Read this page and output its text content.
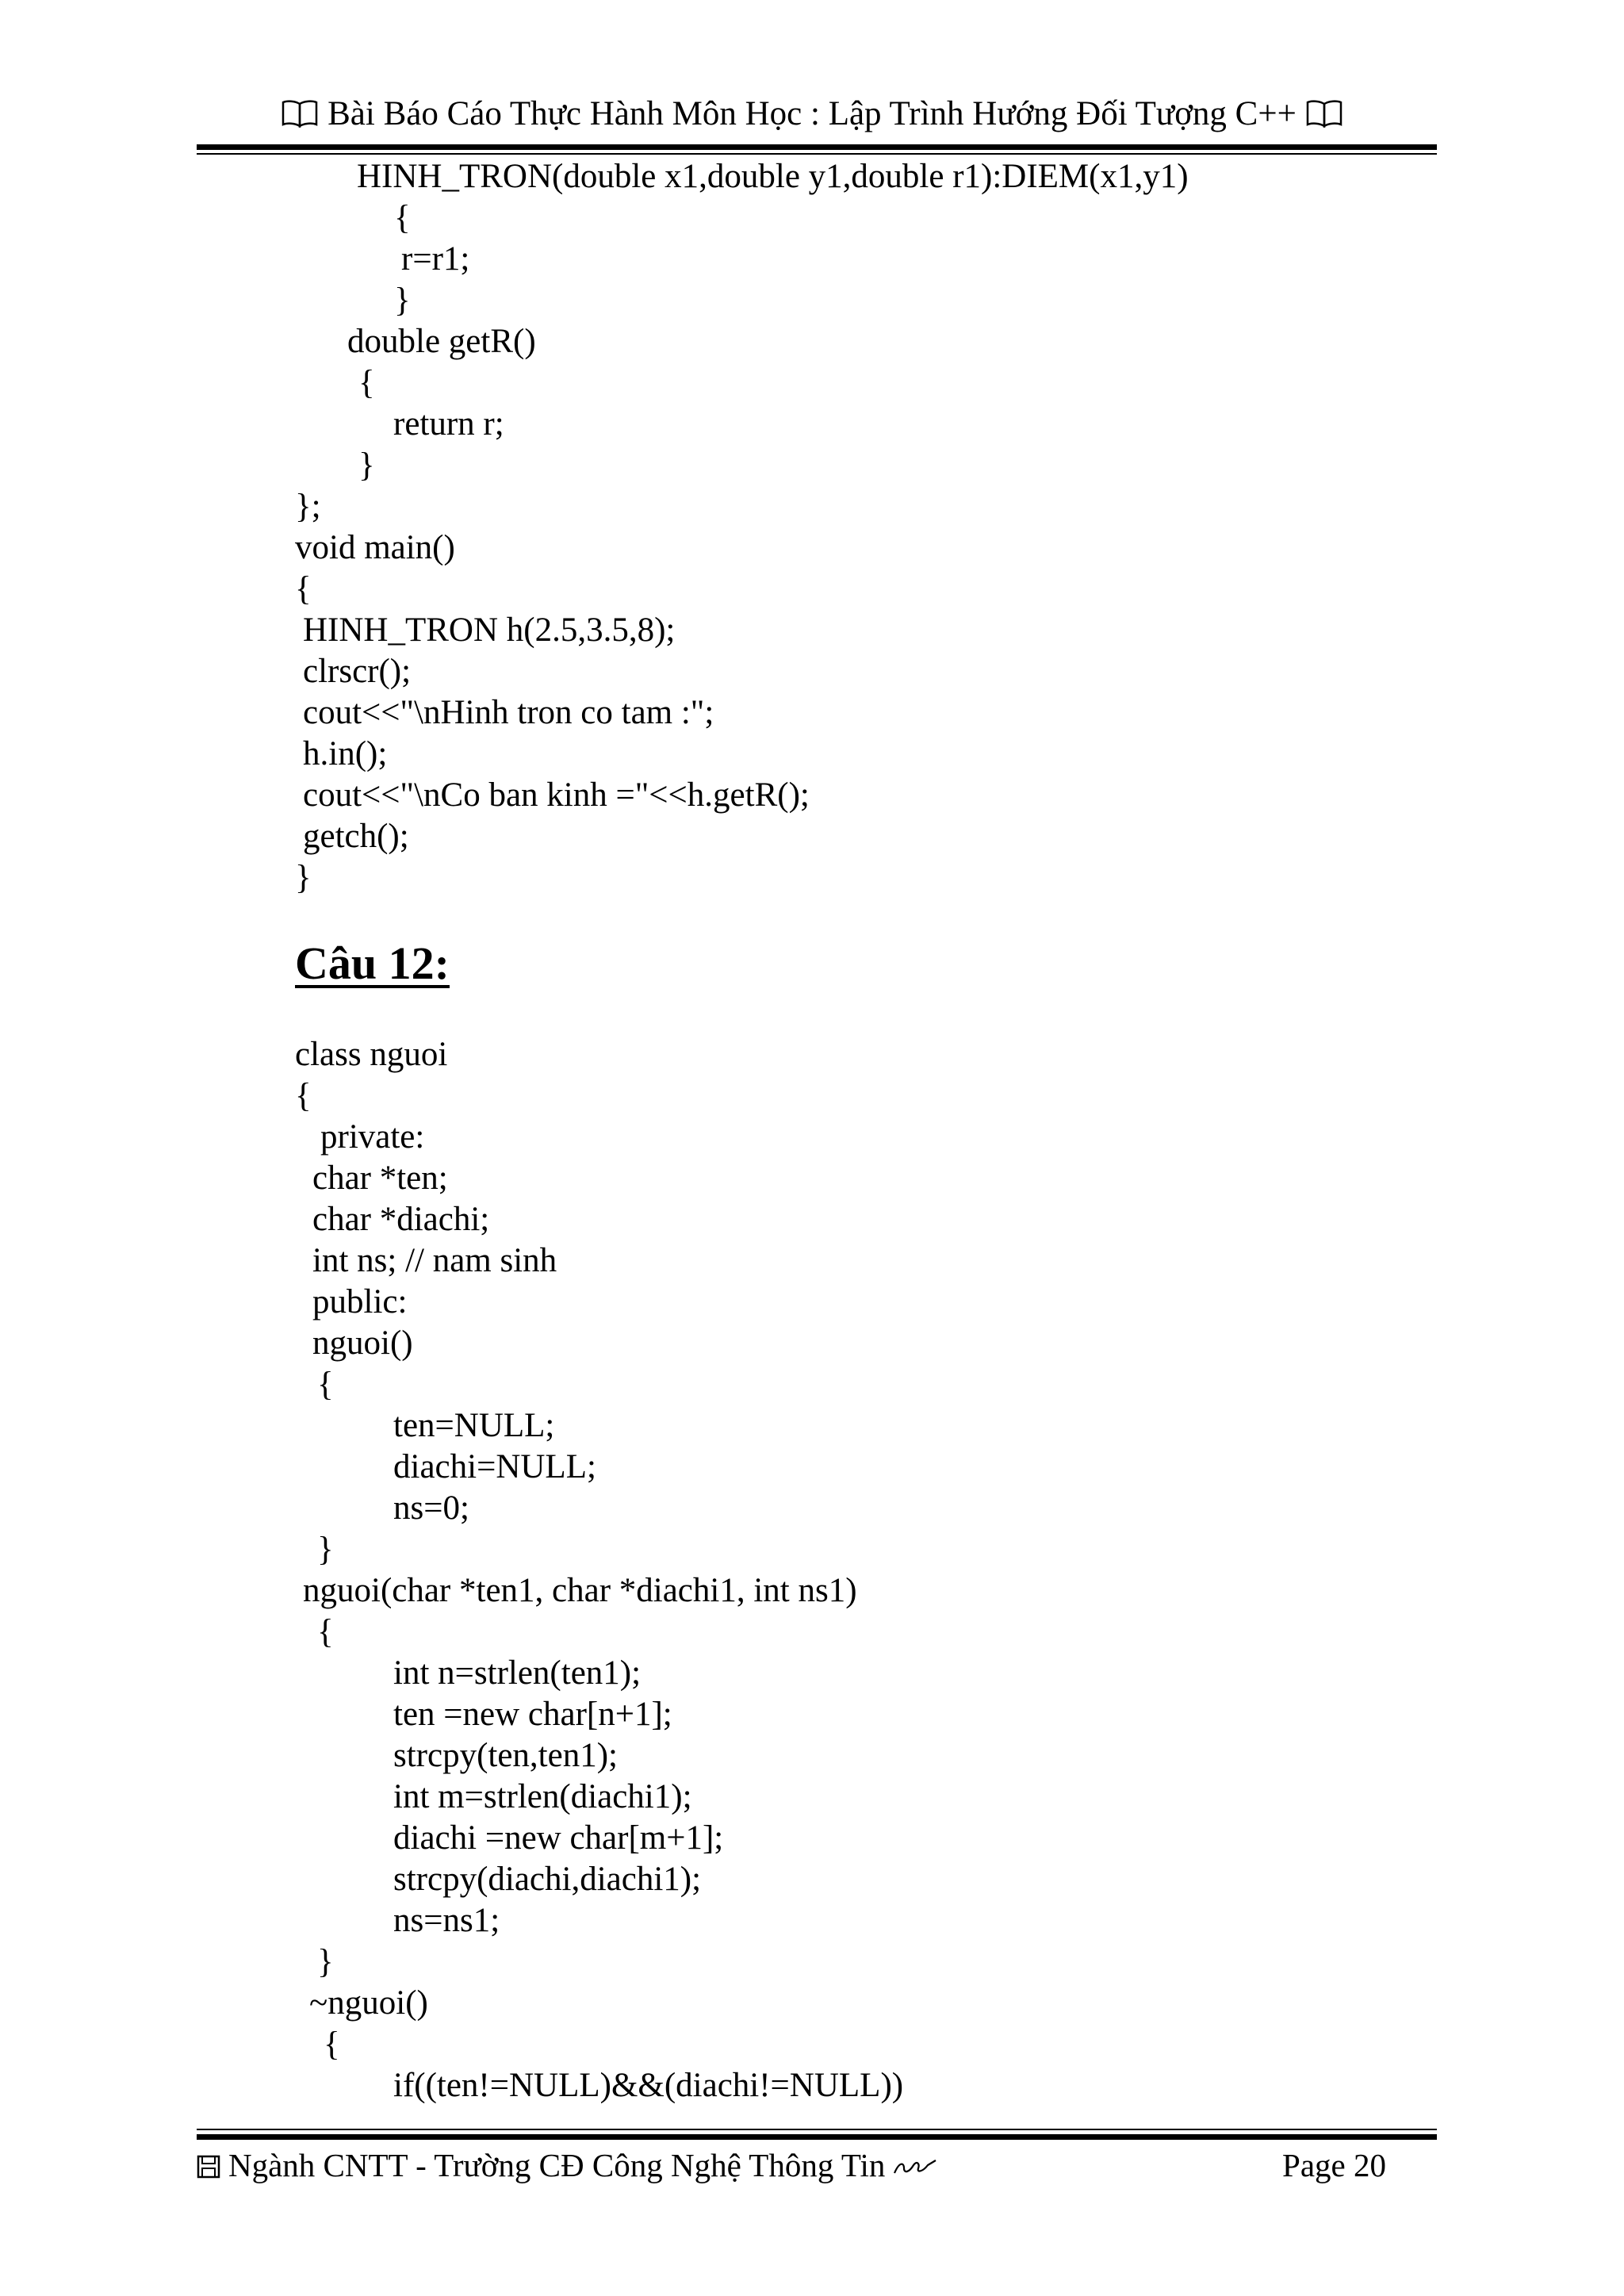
Bài Báo Cáo Thực Hành Môn Học : Lập Trình Hướng Đối Tượng C++
HINH_TRON(double x1,double y1,double r1):DIEM(x1,y1)
{
r=r1;
}
double getR()
{
return r;
}
};
void main()
{
HINH_TRON h(2.5,3.5,8);
clrscr();
cout<<"\nHinh tron co tam :";
h.in();
cout<<"\nCo ban kinh ="<<h.getR();
getch();
}
Câu 12:
class nguoi
{
private:
char *ten;
char *diachi;
int ns; // nam sinh
public:
nguoi()
{
ten=NULL;
diachi=NULL;
ns=0;
}
nguoi(char *ten1, char *diachi1, int ns1)
{
int n=strlen(ten1);
ten =new char[n+1];
strcpy(ten,ten1);
int m=strlen(diachi1);
diachi =new char[m+1];
strcpy(diachi,diachi1);
ns=ns1;
}
~nguoi()
{
if((ten!=NULL)&&(diachi!=NULL))
Ngành CNTT - Trường CĐ Công Nghệ Thông Tin	Page 20
